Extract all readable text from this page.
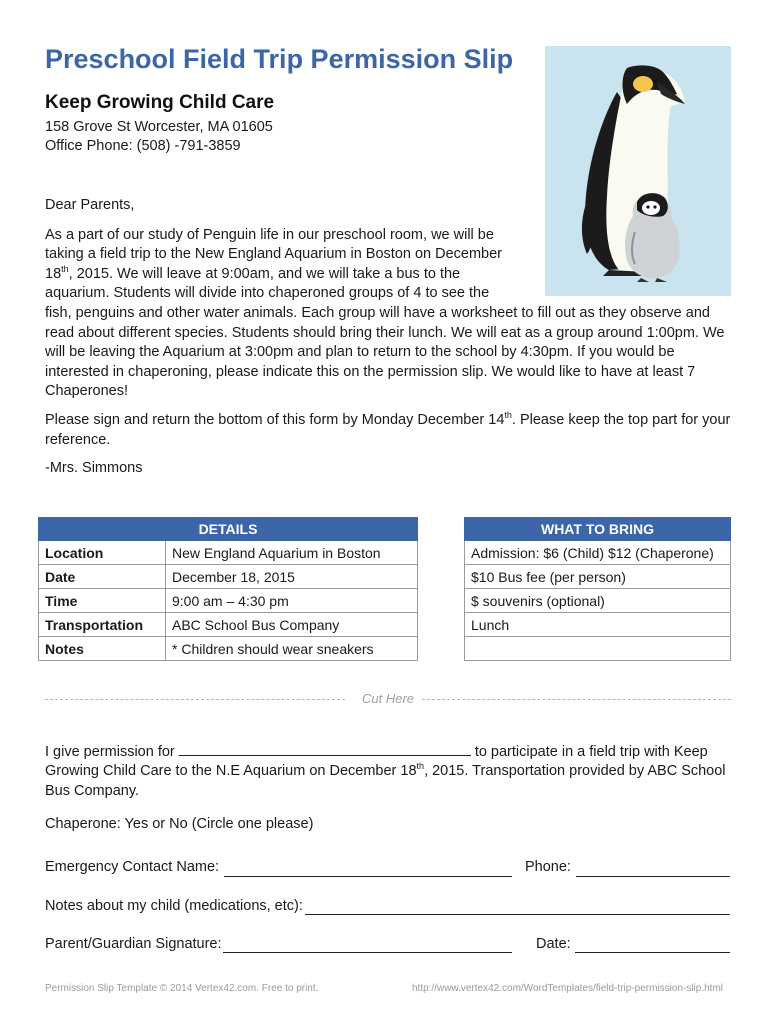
Preschool Field Trip Permission Slip
Keep Growing Child Care
158 Grove St Worcester, MA 01605
Office Phone: (508) -791-3859

Dear Parents,

As a part of our study of Penguin life in our preschool room, we will be taking a field trip to the New England Aquarium in Boston on December 18th, 2015. We will leave at 9:00am, and we will take a bus to the aquarium. Students will divide into chaperoned groups of 4 to see the
fish, penguins and other water animals. Each group will have a worksheet to fill out as they observe and read about different species. Students should bring their lunch. We will eat as a group around 1:00pm. We will be leaving the Aquarium at 3:00pm and plan to return to the school by 4:30pm. If you would be interested in chaperoning, please indicate this on the permission slip. We would like to have at least 7 Chaperones!

Please sign and return the bottom of this form by Monday December 14th. Please keep the top part for your reference.

-Mrs. Simmons

DETAILS	
Location	New England Aquarium in Boston
Date	December 18, 2015
Time	9:00 am – 4:30 pm
Transportation	ABC School Bus Company
Notes	* Children should wear sneakers
WHAT TO BRING
Admission: $6 (Child) $12 (Chaperone)
$10 Bus fee (per person)
$ souvenirs (optional)
Lunch

Cut Here

I give permission for	to participate in a field trip with Keep Growing Child Care to the N.E Aquarium on December 18th, 2015. Transportation provided by ABC School Bus Company.

Chaperone: Yes or No (Circle one please)
Emergency Contact Name:	Phone:
Notes about my child (medications, etc):
Parent/Guardian Signature:	Date:
Permission Slip Template © 2014 Vertex42.com. Free to print.	http://www.vertex42.com/WordTemplates/field-trip-permission-slip.html
